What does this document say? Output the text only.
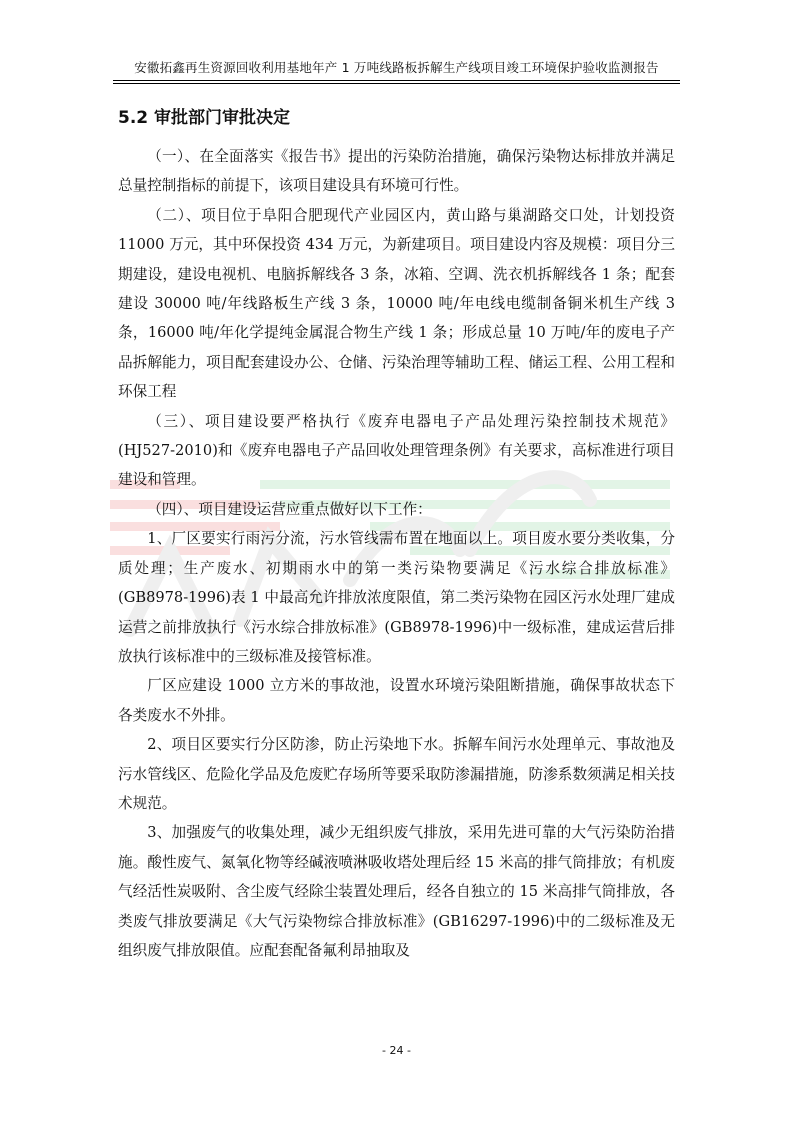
安徽拓鑫再生资源回收利用基地年产 1 万吨线路板拆解生产线项目竣工环境保护验收监测报告
5.2 审批部门审批决定

（一）、在全面落实《报告书》提出的污染防治措施，确保污染物达标排放并满足总量控制指标的前提下，该项目建设具有环境可行性。

（二）、项目位于阜阳合肥现代产业园区内，黄山路与巢湖路交口处，计划投资 11000 万元，其中环保投资 434 万元，为新建项目。项目建设内容及规模：项目分三期建设，建设电视机、电脑拆解线各 3 条，冰箱、空调、洗衣机拆解线各 1 条；配套建设 30000 吨/年线路板生产线 3 条，10000 吨/年电线电缆制备铜米机生产线 3 条，16000 吨/年化学提纯金属混合物生产线 1 条；形成总量 10 万吨/年的废电子产品拆解能力，项目配套建设办公、仓储、污染治理等辅助工程、储运工程、公用工程和环保工程

（三）、项目建设要严格执行《废弃电器电子产品处理污染控制技术规范》(HJ527-2010)和《废弃电器电子产品回收处理管理条例》有关要求，高标准进行项目建设和管理。

（四）、项目建设运营应重点做好以下工作：

1、厂区要实行雨污分流，污水管线需布置在地面以上。项目废水要分类收集，分质处理；生产废水、初期雨水中的第一类污染物要满足《污水综合排放标准》(GB8978-1996)表 1 中最高允许排放浓度限值，第二类污染物在园区污水处理厂建成运营之前排放执行《污水综合排放标准》(GB8978-1996)中一级标准，建成运营后排放执行该标准中的三级标准及接管标准。

厂区应建设 1000 立方米的事故池，设置水环境污染阻断措施，确保事故状态下各类废水不外排。

2、项目区要实行分区防渗，防止污染地下水。拆解车间污水处理单元、事故池及污水管线区、危险化学品及危废贮存场所等要采取防渗漏措施，防渗系数须满足相关技术规范。

3、加强废气的收集处理，减少无组织废气排放，采用先进可靠的大气污染防治措施。酸性废气、氮氧化物等经碱液喷淋吸收塔处理后经 15 米高的排气筒排放；有机废气经活性炭吸附、含尘废气经除尘装置处理后，经各自独立的 15 米高排气筒排放，各类废气排放要满足《大气污染物综合排放标准》(GB16297-1996)中的二级标准及无组织废气排放限值。应配套配备氟利昂抽取及

- 24 -
